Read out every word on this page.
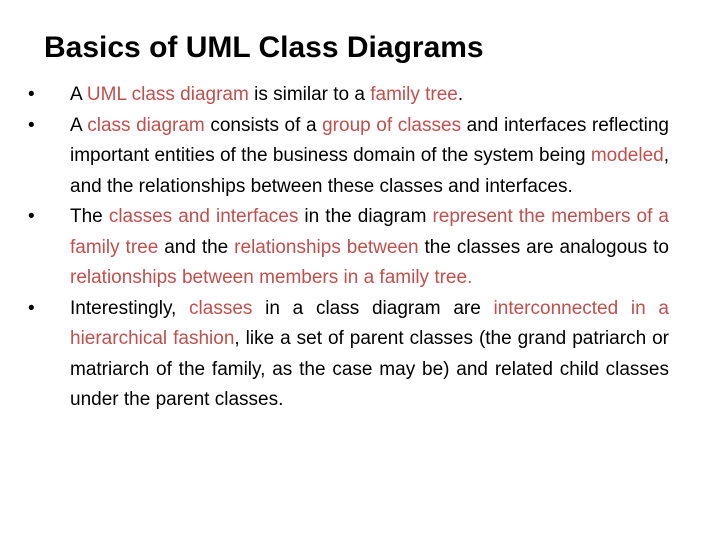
Basics of UML Class Diagrams
• A UML class diagram is similar to a family tree.
• A class diagram consists of a group of classes and interfaces reflecting important entities of the business domain of the system being modeled, and the relationships between these classes and interfaces.
• The classes and interfaces in the diagram represent the members of a family tree and the relationships between the classes are analogous to relationships between members in a family tree.
• Interestingly, classes in a class diagram are interconnected in a hierarchical fashion, like a set of parent classes (the grand patriarch or matriarch of the family, as the case may be) and related child classes under the parent classes.
